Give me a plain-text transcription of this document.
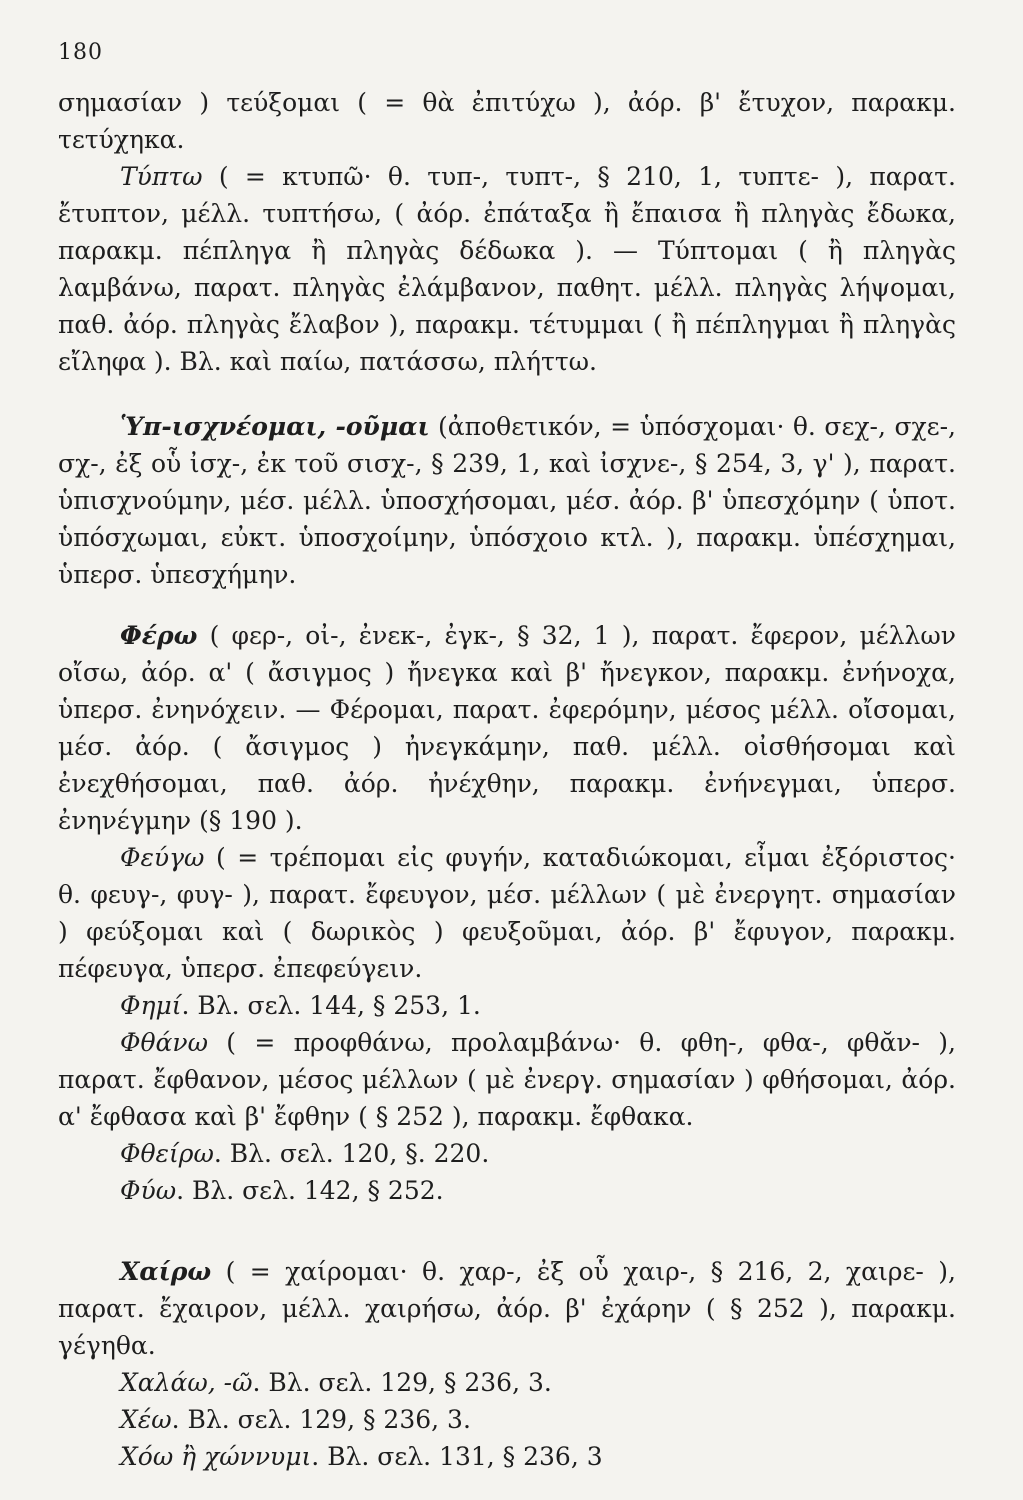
180

σημασίαν ) τεύξομαι ( = θὰ ἐπιτύχω ), ἀόρ. β' ἔτυχον, παρακμ. τετύχηκα.

Τύπτω ( = κτυπῶ· θ. τυπ-, τυπτ-, § 210, 1, τυπτε- ), παρατ. ἔτυπτον, μέλλ. τυπτήσω, ( ἀόρ. ἐπάταξα ἢ ἔπαισα ἢ πληγὰς ἔδωκα, παρακμ. πέπληγα ἢ πληγὰς δέδωκα ). — Τύπτομαι ( ἢ πληγὰς λαμβάνω, παρατ. πληγὰς ἐλάμβανον, παθητ. μέλλ. πληγὰς λήψομαι, παθ. ἀόρ. πληγὰς ἔλαβον ), παρακμ. τέτυμμαι ( ἢ πέπληγμαι ἢ πληγὰς εἴληφα ). Βλ. καὶ παίω, πατάσσω, πλήττω.

Ὑπ-ισχνέομαι, -οῦμαι (ἀποθετικόν, = ὑπόσχομαι· θ. σεχ-, σχε-, σχ-, ἐξ οὗ ἰσχ-, ἐκ τοῦ σισχ-, § 239, 1, καὶ ἰσχνε-, § 254, 3, γ' ), παρατ. ὑπισχνούμην, μέσ. μέλλ. ὑποσχήσομαι, μέσ. ἀόρ. β' ὑπεσχόμην ( ὑποτ. ὑπόσχωμαι, εὐκτ. ὑποσχοίμην, ὑπόσχοιο κτλ. ), παρακμ. ὑπέσχημαι, ὑπερσ. ὑπεσχήμην.

Φέρω ( φερ-, οἰ-, ἐνεκ-, ἐγκ-, § 32, 1 ), παρατ. ἔφερον, μέλλων οἴσω, ἀόρ. α' ( ἄσιγμος ) ἤνεγκα καὶ β' ἤνεγκον, παρακμ. ἐνήνοχα, ὑπερσ. ἐνηνόχειν. — Φέρομαι, παρατ. ἐφερόμην, μέσος μέλλ. οἴσομαι, μέσ. ἀόρ. ( ἄσιγμος ) ἠνεγκάμην, παθ. μέλλ. οἰσθήσομαι καὶ ἐνεχθήσομαι, παθ. ἀόρ. ἠνέχθην, παρακμ. ἐνήνεγμαι, ὑπερσ. ἐνηνέγμην (§ 190 ).

Φεύγω ( = τρέπομαι εἰς φυγήν, καταδιώκομαι, εἶμαι ἐξόριστος· θ. φευγ-, φυγ- ), παρατ. ἔφευγον, μέσ. μέλλων ( μὲ ἐνεργητ. σημασίαν ) φεύξομαι καὶ ( δωρικὸς ) φευξοῦμαι, ἀόρ. β' ἔφυγον, παρακμ. πέφευγα, ὑπερσ. ἐπεφεύγειν.

Φημί. Βλ. σελ. 144, § 253, 1.

Φθάνω ( = προφθάνω, προλαμβάνω· θ. φθη-, φθα-, φθᾰν- ), παρατ. ἔφθανον, μέσος μέλλων ( μὲ ἐνεργ. σημασίαν ) φθήσομαι, ἀόρ. α' ἔφθασα καὶ β' ἔφθην ( § 252 ), παρακμ. ἔφθακα.

Φθείρω. Βλ. σελ. 120, §. 220.

Φύω. Βλ. σελ. 142, § 252.

Χαίρω ( = χαίρομαι· θ. χαρ-, ἐξ οὗ χαιρ-, § 216, 2, χαιρε- ), παρατ. ἔχαιρον, μέλλ. χαιρήσω, ἀόρ. β' ἐχάρην ( § 252 ), παρακμ. γέγηθα.

Χαλάω, -ῶ. Βλ. σελ. 129, § 236, 3.

Χέω. Βλ. σελ. 129, § 236, 3.

Χόω ἢ χώννυμι. Βλ. σελ. 131, § 236, 3
